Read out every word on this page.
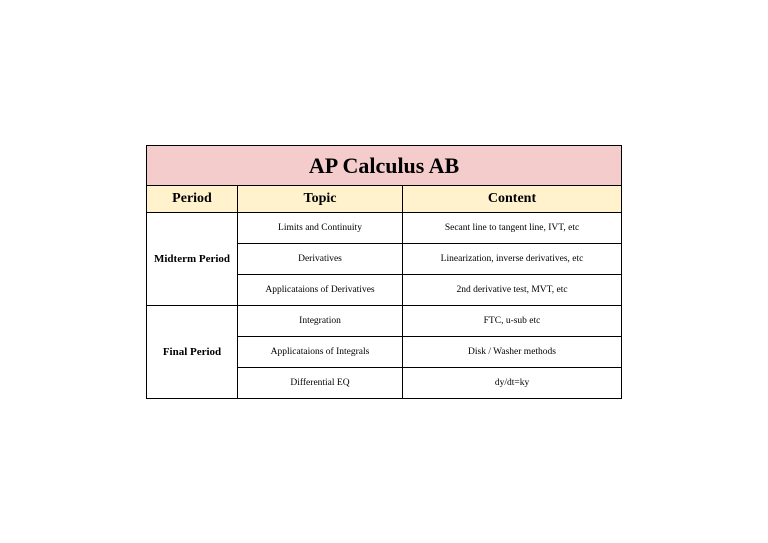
AP Calculus AB		
Period	Topic	Content
Midterm Period	Limits and Continuity	Secant line to tangent line, IVT, etc
	Derivatives	Linearization, inverse derivatives, etc
	Applicataions of Derivatives	2nd derivative test, MVT, etc
Final Period	Integration	FTC, u-sub etc
	Applicataions of Integrals	Disk / Washer methods
	Differential EQ	dy/dt=ky
